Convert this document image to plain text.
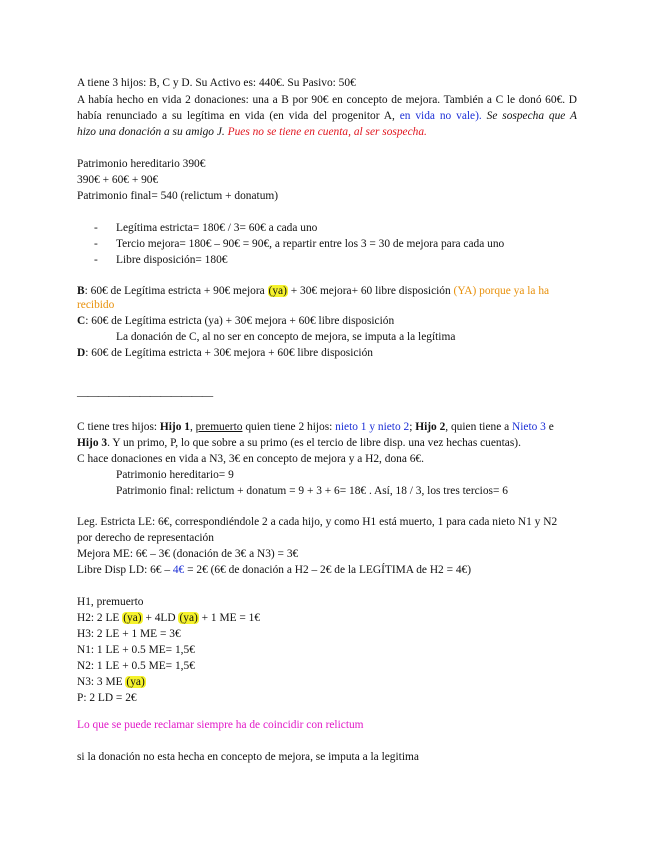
A tiene 3 hijos: B, C y D. Su Activo es: 440€. Su Pasivo: 50€
A había hecho en vida 2 donaciones: una a B por 90€ en concepto de mejora. También a C le donó 60€. D
había renunciado a su legítima en vida (en vida del progenitor A, en vida no vale). Se sospecha que A
hizo una donación a su amigo J. Pues no se tiene en cuenta, al ser sospecha.
Patrimonio hereditario 390€
390€ + 60€ + 90€
Patrimonio final= 540 (relictum + donatum)
- Legítima estricta= 180€ / 3= 60€ a cada uno
- Tercio mejora= 180€ – 90€ = 90€, a repartir entre los 3 = 30 de mejora para cada uno
- Libre disposición= 180€
B: 60€ de Legítima estricta + 90€ mejora (ya) + 30€ mejora+ 60 libre disposición (YA) porque ya la ha
recibido
C: 60€ de Legítima estricta (ya) + 30€ mejora + 60€ libre disposición
La donación de C, al no ser en concepto de mejora, se imputa a la legítima
D: 60€ de Legítima estricta + 30€ mejora + 60€ libre disposición
—————————————
C tiene tres hijos: Hijo 1, premuerto quien tiene 2 hijos: nieto 1 y nieto 2; Hijo 2, quien tiene a Nieto 3 e
Hijo 3. Y un primo, P, lo que sobre a su primo (es el tercio de libre disp. una vez hechas cuentas).
C hace donaciones en vida a N3, 3€ en concepto de mejora y a H2, dona 6€.
Patrimonio hereditario= 9
Patrimonio final: relictum + donatum = 9 + 3 + 6= 18€ . Así, 18 / 3, los tres tercios= 6
Leg. Estricta LE: 6€, correspondiéndole 2 a cada hijo, y como H1 está muerto, 1 para cada nieto N1 y N2
por derecho de representación
Mejora ME: 6€ – 3€ (donación de 3€ a N3) = 3€
Libre Disp LD: 6€ – 4€ = 2€ (6€ de donación a H2 – 2€ de la LEGÍTIMA de H2 = 4€)
H1, premuerto
H2: 2 LE (ya) + 4LD (ya) + 1 ME = 1€
H3: 2 LE + 1 ME = 3€
N1: 1 LE + 0.5 ME= 1,5€
N2: 1 LE + 0.5 ME= 1,5€
N3: 3 ME (ya)
P: 2 LD = 2€
Lo que se puede reclamar siempre ha de coincidir con relictum
si la donación no esta hecha en concepto de mejora, se imputa a la legitima
